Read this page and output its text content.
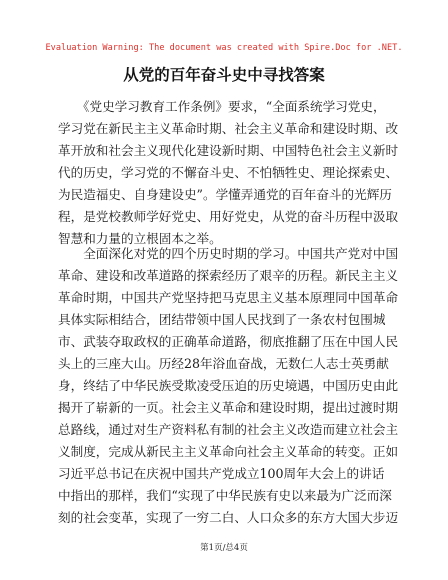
Evaluation Warning: The document was created with Spire.Doc for .NET.
从党的百年奋斗史中寻找答案
　　《党史学习教育工作条例》要求，“全面系统学习党史，
学习党在新民主主义革命时期、社会主义革命和建设时期、改
革开放和社会主义现代化建设新时期、中国特色社会主义新时
代的历史，学习党的不懈奋斗史、不怕牺牲史、理论探索史、
为民造福史、自身建设史”。学懂弄通党的百年奋斗的光辉历
程，是党校教师学好党史、用好党史，从党的奋斗历程中汲取
智慧和力量的立根固本之举。
　　全面深化对党的四个历史时期的学习。中国共产党对中国
革命、建设和改革道路的探索经历了艰辛的历程。新民主主义
革命时期，中国共产党坚持把马克思主义基本原理同中国革命
具体实际相结合，团结带领中国人民找到了一条农村包围城
市、武装夺取政权的正确革命道路，彻底推翻了压在中国人民
头上的三座大山。历经28年浴血奋战，无数仁人志士英勇献
身，终结了中华民族受欺凌受压迫的历史境遇，中国历史由此
揭开了崭新的一页。社会主义革命和建设时期，提出过渡时期
总路线，通过对生产资料私有制的社会主义改造而建立社会主
义制度，完成从新民主主义革命向社会主义革命的转变。正如
习近平总书记在庆祝中国共产党成立100周年大会上的讲话
中指出的那样，我们“实现了中华民族有史以来最为广泛而深
刻的社会变革，实现了一穷二白、人口众多的东方大国大步迈
第1页/总4页
